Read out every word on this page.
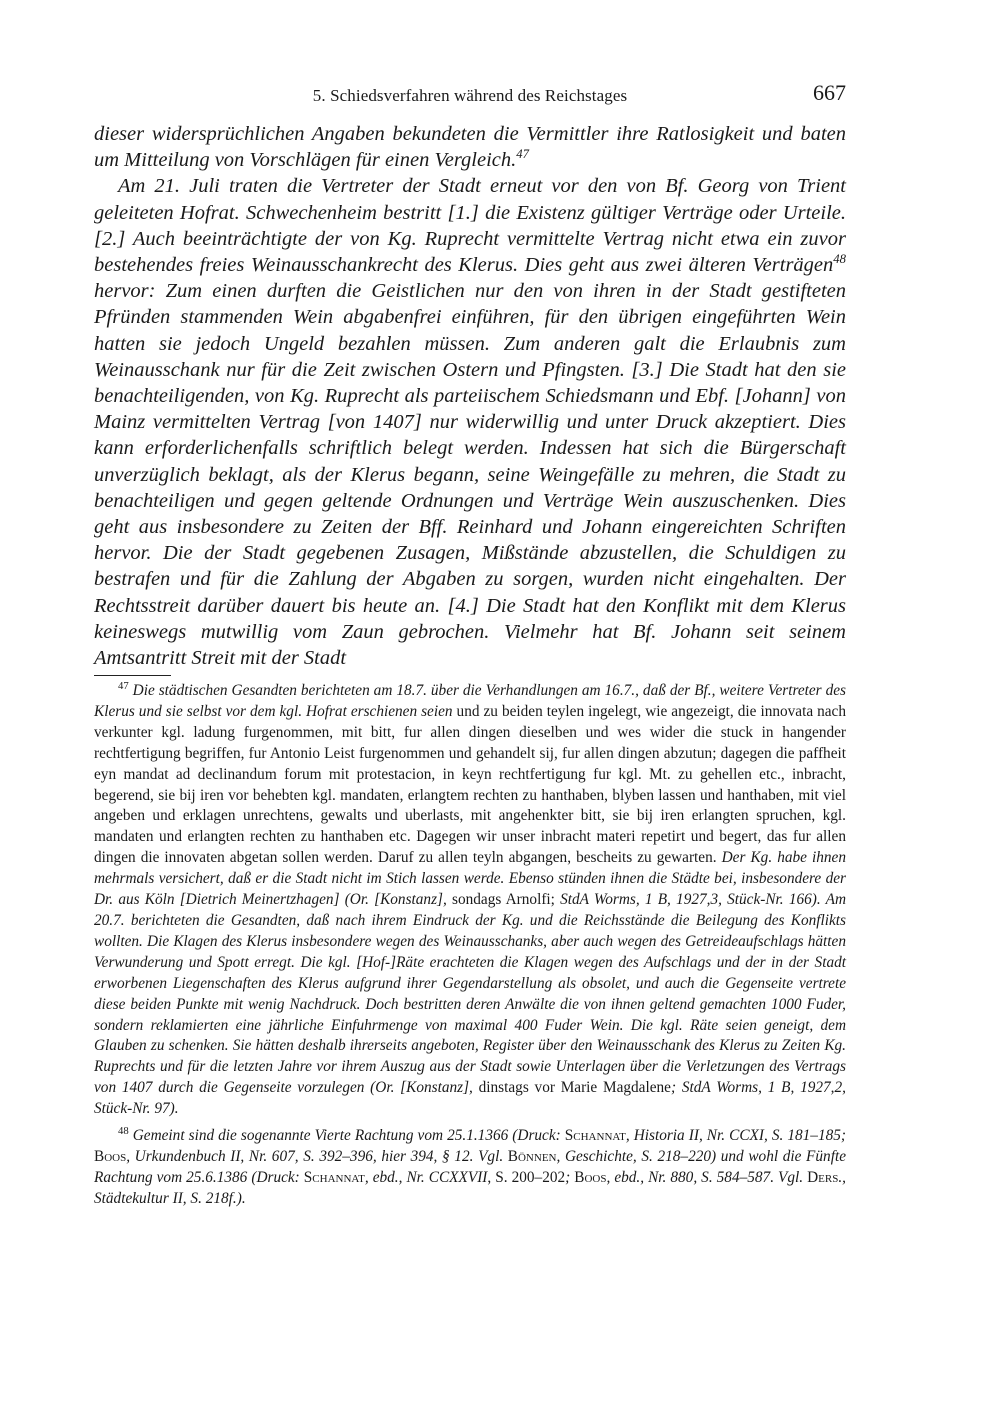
5. Schiedsverfahren während des Reichstages	667

dieser widersprüchlichen Angaben bekundeten die Vermittler ihre Ratlosigkeit und baten um Mitteilung von Vorschlägen für einen Vergleich.$^{47}$

Am 21. Juli traten die Vertreter der Stadt erneut vor den von Bf. Georg von Trient geleiteten Hofrat. Schwechenheim bestritt [1.] die Existenz gültiger Verträge oder Urteile. [2.] Auch beeinträchtigte der von Kg. Ruprecht vermittelte Vertrag nicht etwa ein zuvor bestehendes freies Weinausschankrecht des Klerus. Dies geht aus zwei älteren Verträgen$^{48}$ hervor: Zum einen durften die Geistlichen nur den von ihren in der Stadt gestifteten Pfründen stammenden Wein abgabenfrei einführen, für den übrigen eingeführten Wein hatten sie jedoch Ungeld bezahlen müssen. Zum anderen galt die Erlaubnis zum Weinausschank nur für die Zeit zwischen Ostern und Pfingsten. [3.] Die Stadt hat den sie benachteiligenden, von Kg. Ruprecht als parteiischem Schiedsmann und Ebf. [Johann] von Mainz vermittelten Vertrag [von 1407] nur widerwillig und unter Druck akzeptiert. Dies kann erforderlichenfalls schriftlich belegt werden. Indessen hat sich die Bürgerschaft unverzüglich beklagt, als der Klerus begann, seine Weingefälle zu mehren, die Stadt zu benachteiligen und gegen geltende Ordnungen und Verträge Wein auszuschenken. Dies geht aus insbesondere zu Zeiten der Bff. Reinhard und Johann eingereichten Schriften hervor. Die der Stadt gegebenen Zusagen, Mißstände abzustellen, die Schuldigen zu bestrafen und für die Zahlung der Abgaben zu sorgen, wurden nicht eingehalten. Der Rechtsstreit darüber dauert bis heute an. [4.] Die Stadt hat den Konflikt mit dem Klerus keineswegs mutwillig vom Zaun gebrochen. Vielmehr hat Bf. Johann seit seinem Amtsantritt Streit mit der Stadt

$^{47}$ Die städtischen Gesandten berichteten am 18.7. über die Verhandlungen am 16.7., daß der Bf., weitere Vertreter des Klerus und sie selbst vor dem kgl. Hofrat erschienen seien und zu beiden teylen ingelegt, wie angezeigt, die innovata nach verkunter kgl. ladung furgenommen, mit bitt, fur allen dingen dieselben und wes wider die stuck in hangender rechtfertigung begriffen, fur Antonio Leist furgenommen und gehandelt sij, fur allen dingen abzutun; dagegen die paffheit eyn mandat ad declinandum forum mit protestacion, in keyn rechtfertigung fur kgl. Mt. zu gehellen etc., inbracht, begerend, sie bij iren vor behebten kgl. mandaten, erlangtem rechten zu hanthaben, blyben lassen und hanthaben, mit viel angeben und erklagen unrechtens, gewalts und uberlasts, mit angehenkter bitt, sie bij iren erlangten spruchen, kgl. mandaten und erlangten rechten zu hanthaben etc. Dagegen wir unser inbracht materi repetirt und begert, das fur allen dingen die innovaten abgetan sollen werden. Daruf zu allen teyln abgangen, bescheits zu gewarten. Der Kg. habe ihnen mehrmals versichert, daß er die Stadt nicht im Stich lassen werde. Ebenso stünden ihnen die Städte bei, insbesondere der Dr. aus Köln [Dietrich Meinertzhagen] (Or. [Konstanz], sondags Arnolfi; StdA Worms, 1 B, 1927,3, Stück-Nr. 166). Am 20.7. berichteten die Gesandten, daß nach ihrem Eindruck der Kg. und die Reichsstände die Beilegung des Konflikts wollten. Die Klagen des Klerus insbesondere wegen des Weinausschanks, aber auch wegen des Getreideaufschlags hätten Verwunderung und Spott erregt. Die kgl. [Hof-]Räte erachteten die Klagen wegen des Aufschlags und der in der Stadt erworbenen Liegenschaften des Klerus aufgrund ihrer Gegendarstellung als obsolet, und auch die Gegenseite vertrete diese beiden Punkte mit wenig Nachdruck. Doch bestritten deren Anwälte die von ihnen geltend gemachten 1000 Fuder, sondern reklamierten eine jährliche Einfuhrmenge von maximal 400 Fuder Wein. Die kgl. Räte seien geneigt, dem Glauben zu schenken. Sie hätten deshalb ihrerseits angeboten, Register über den Weinausschank des Klerus zu Zeiten Kg. Ruprechts und für die letzten Jahre vor ihrem Auszug aus der Stadt sowie Unterlagen über die Verletzungen des Vertrags von 1407 durch die Gegenseite vorzulegen (Or. [Konstanz], dinstags vor Marie Magdalene; StdA Worms, 1 B, 1927,2, Stück-Nr. 97).

$^{48}$ Gemeint sind die sogenannte Vierte Rachtung vom 25.1.1366 (Druck: Schannat, Historia II, Nr. CCXI, S. 181–185; Boos, Urkundenbuch II, Nr. 607, S. 392–396, hier 394, § 12. Vgl. Bönnen, Geschichte, S. 218–220) und wohl die Fünfte Rachtung vom 25.6.1386 (Druck: Schannat, ebd., Nr. CCXXVII, S. 200–202; Boos, ebd., Nr. 880, S. 584–587. Vgl. Ders., Städtekultur II, S. 218f.).
